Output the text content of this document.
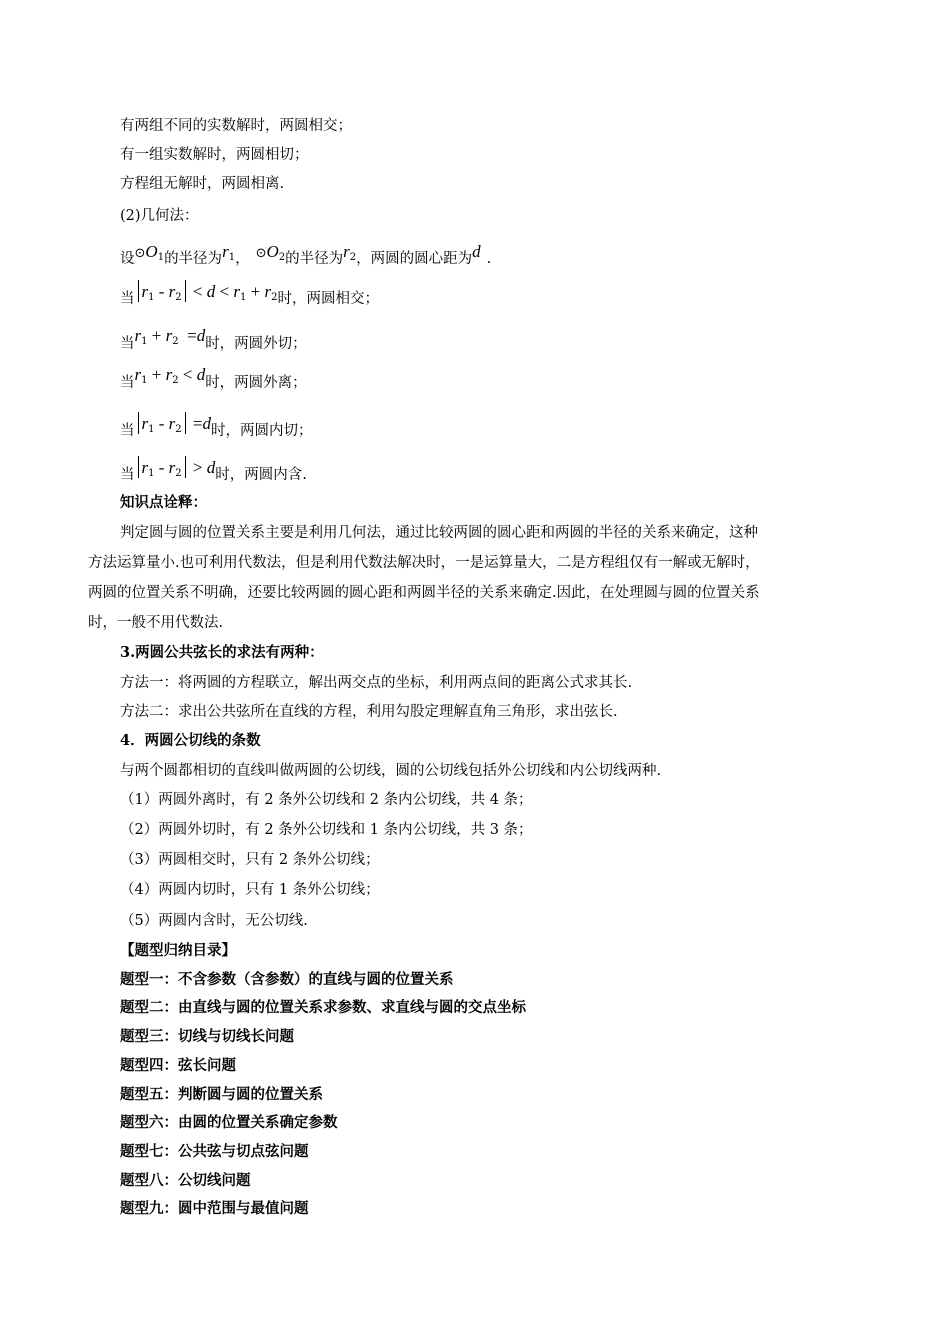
有两组不同的实数解时，两圆相交；
有一组实数解时，两圆相切；
方程组无解时，两圆相离.
(2)几何法：
设$^{⊙O_1}$的半径为$^{r_1}$， $^{⊙O_2}$的半径为$^{r_2}$，两圆的圆心距为$^d$ .
当 $r_1 - r_2 < d < r_1 + r_2$时，两圆相交；
当$r_1 + r_2 =d$时，两圆外切；
当$r_1 + r_2 < d$时，两圆外离；
当 $r_1 - r_2 =d$时，两圆内切；
当 $r_1 - r_2 > d$时，两圆内含.
知识点诠释：
判定圆与圆的位置关系主要是利用几何法，通过比较两圆的圆心距和两圆的半径的关系来确定，这种
方法运算量小.也可利用代数法，但是利用代数法解决时，一是运算量大，二是方程组仅有一解或无解时，
两圆的位置关系不明确，还要比较两圆的圆心距和两圆半径的关系来确定.因此，在处理圆与圆的位置关系
时，一般不用代数法.
3.两圆公共弦长的求法有两种：
方法一：将两圆的方程联立，解出两交点的坐标，利用两点间的距离公式求其长.
方法二：求出公共弦所在直线的方程，利用勾股定理解直角三角形，求出弦长.
4．两圆公切线的条数
与两个圆都相切的直线叫做两圆的公切线，圆的公切线包括外公切线和内公切线两种.
（1）两圆外离时，有 2 条外公切线和 2 条内公切线，共 4 条；
（2）两圆外切时，有 2 条外公切线和 1 条内公切线，共 3 条；
（3）两圆相交时，只有 2 条外公切线；
（4）两圆内切时，只有 1 条外公切线；
（5）两圆内含时，无公切线.
【题型归纳目录】
题型一：不含参数（含参数）的直线与圆的位置关系
题型二：由直线与圆的位置关系求参数、求直线与圆的交点坐标
题型三：切线与切线长问题
题型四：弦长问题
题型五：判断圆与圆的位置关系
题型六：由圆的位置关系确定参数
题型七：公共弦与切点弦问题
题型八：公切线问题
题型九：圆中范围与最值问题
